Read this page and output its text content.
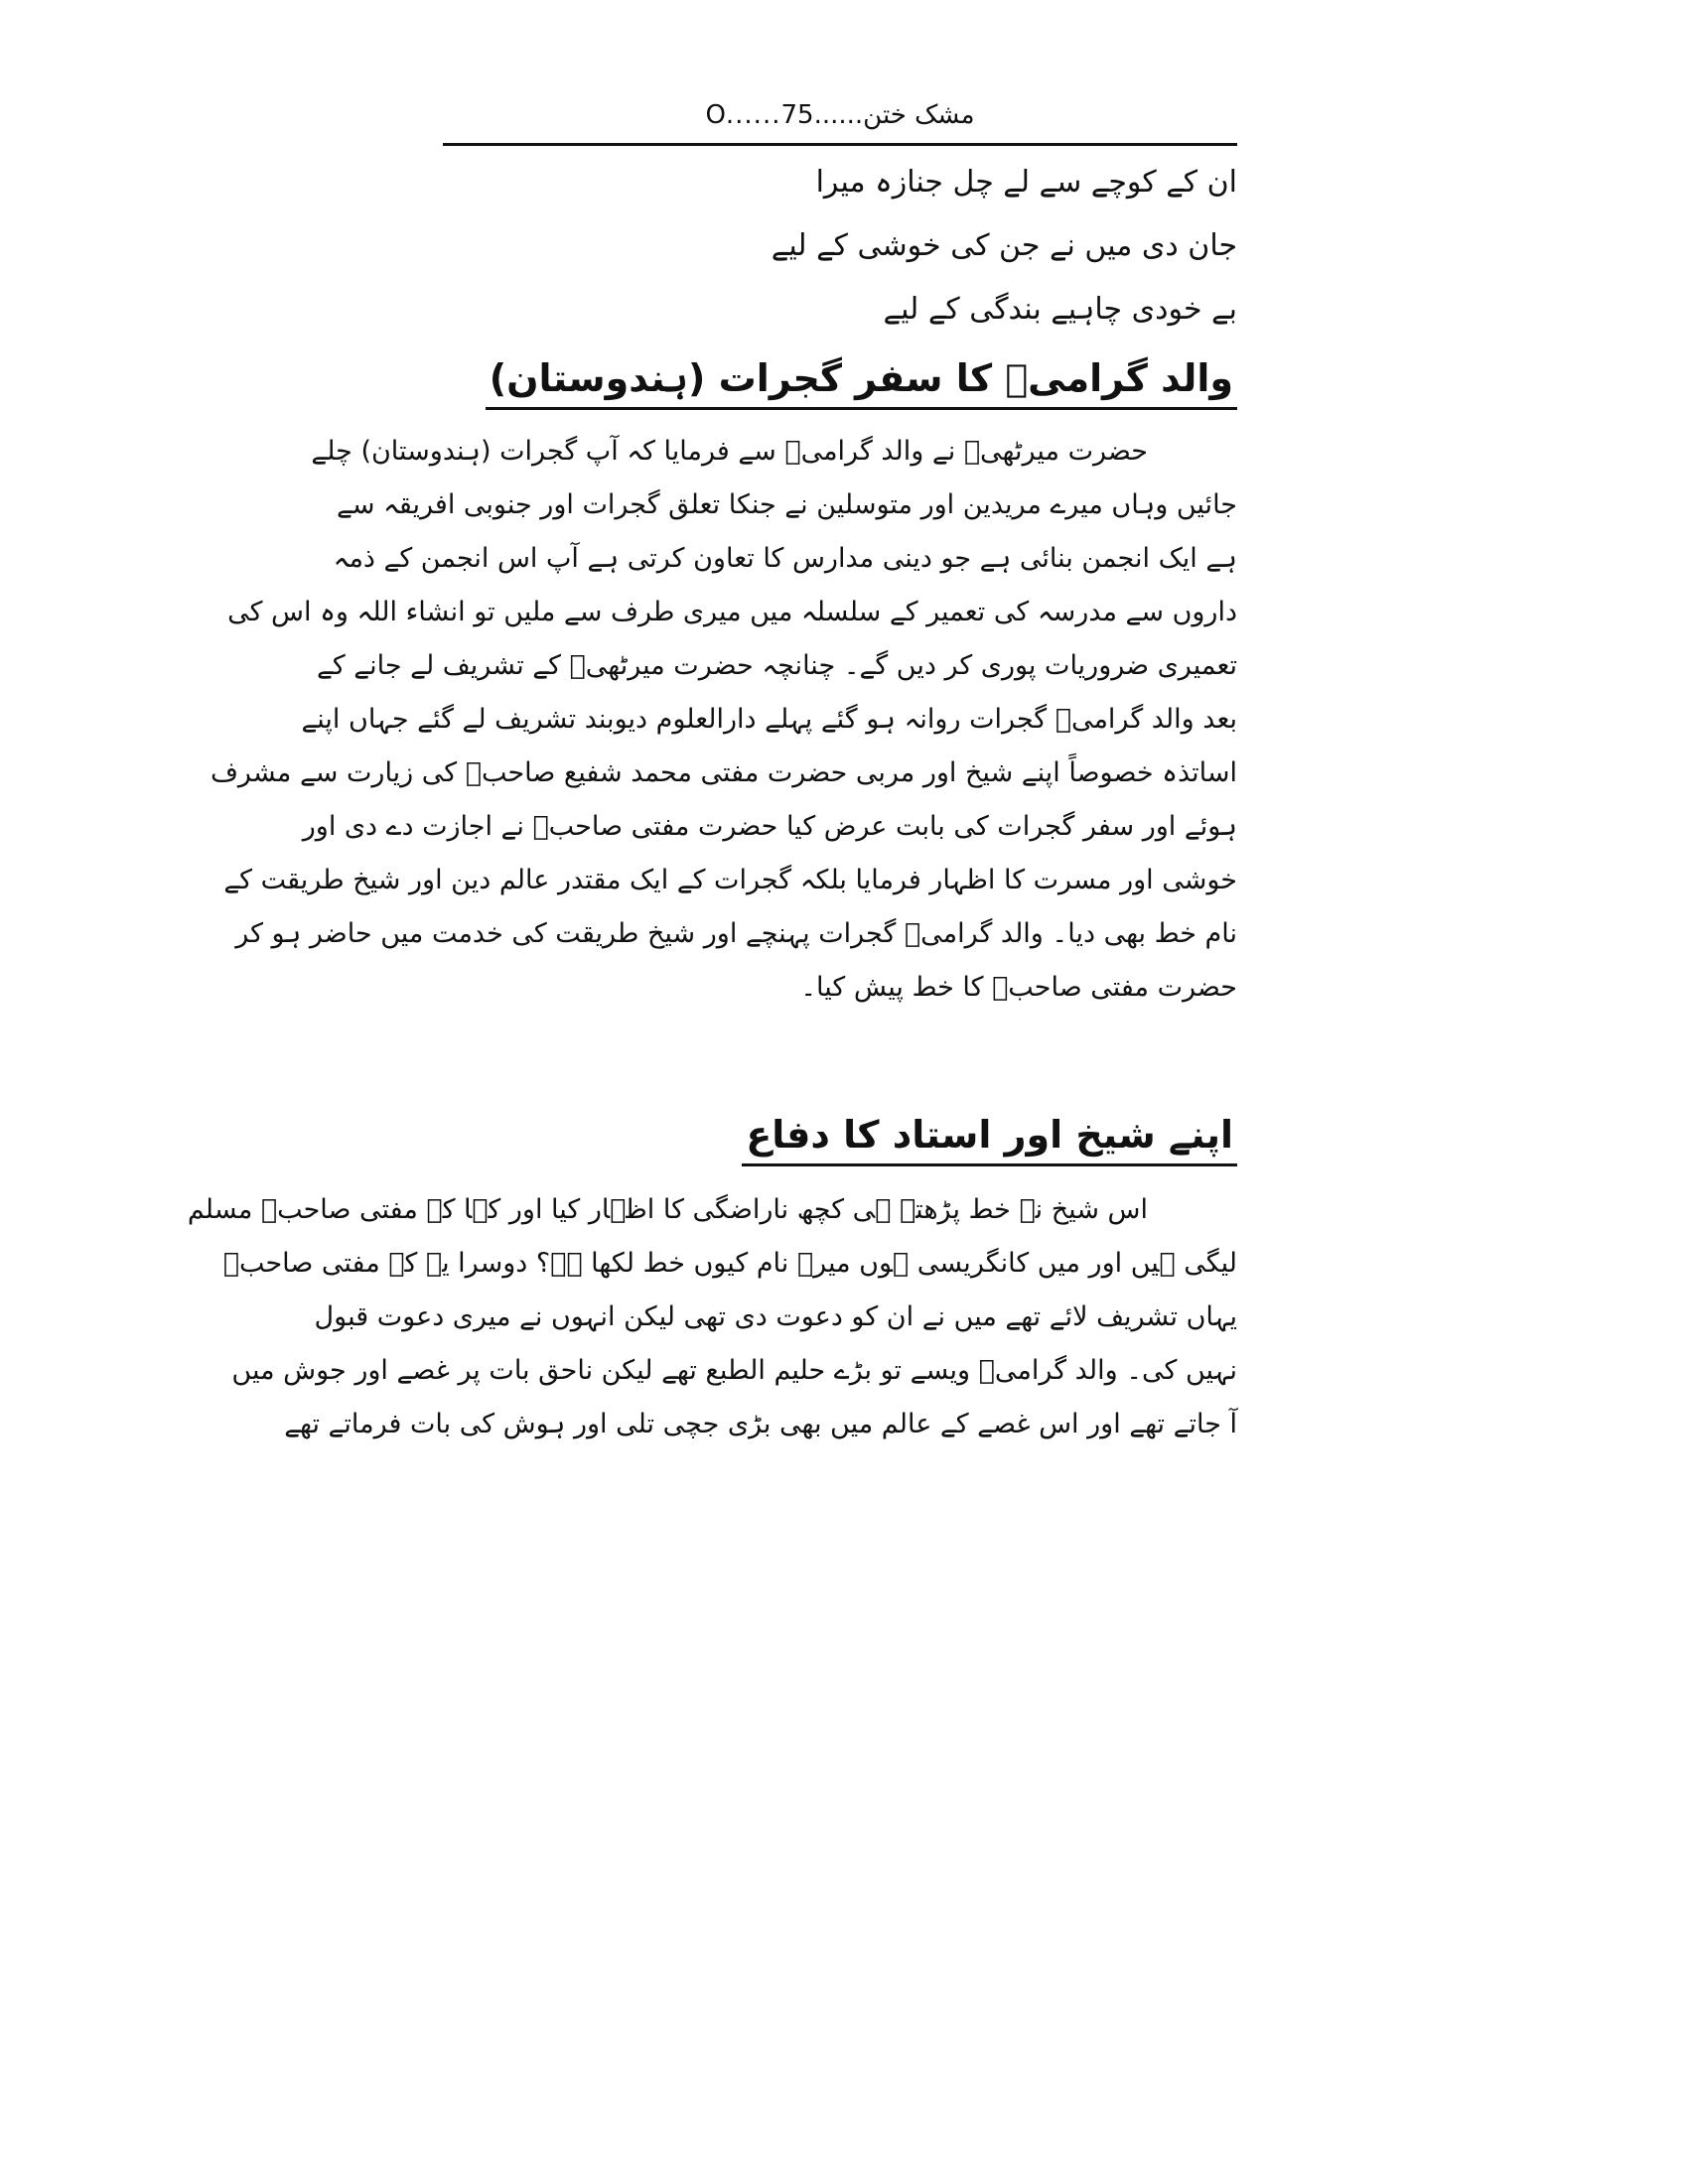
مشک ختن......O......75
ان کے کوچے سے لے چل جنازہ میرا
جان دی میں نے جن کی خوشی کے لیے
بے خودی چاہیے بندگی کے لیے
والد گرامیؒ کا سفر گجرات (ہندوستان)
حضرت میرٹھیؒ نے والد گرامیؒ سے فرمایا کہ آپ گجرات (ہندوستان) چلے
جائیں وہاں میرے مریدین اور متوسلین نے جنکا تعلق گجرات اور جنوبی افریقہ سے
ہے ایک انجمن بنائی ہے جو دینی مدارس کا تعاون کرتی ہے آپ اس انجمن کے ذمہ
داروں سے مدرسہ کی تعمیر کے سلسلہ میں میری طرف سے ملیں تو انشاء اللہ وہ اس کی
تعمیری ضروریات پوری کر دیں گے۔ چنانچہ حضرت میرٹھیؒ کے تشریف لے جانے کے
بعد والد گرامیؒ گجرات روانہ ہو گئے پہلے دارالعلوم دیوبند تشریف لے گئے جہاں اپنے
اساتذہ خصوصاً اپنے شیخ اور مربی حضرت مفتی محمد شفیع صاحبؒ کی زیارت سے مشرف
ہوئے اور سفر گجرات کی بابت عرض کیا حضرت مفتی صاحبؒ نے اجازت دے دی اور
خوشی اور مسرت کا اظہار فرمایا بلکہ گجرات کے ایک مقتدر عالم دین اور شیخ طریقت کے
نام خط بھی دیا۔ والد گرامیؒ گجرات پہنچے اور شیخ طریقت کی خدمت میں حاضر ہو کر
حضرت مفتی صاحبؒ کا خط پیش کیا۔
اپنے شیخ اور استاد کا دفاع
اس شیخ نے خط پڑھتے ہی کچھ ناراضگی کا اظہار کیا اور کہا کہ مفتی صاحبؒ مسلم
لیگی ہیں اور میں کانگریسی ہوں میرے نام کیوں خط لکھا ہے؟ دوسرا یہ کہ مفتی صاحبؒ
یہاں تشریف لائے تھے میں نے ان کو دعوت دی تھی لیکن انہوں نے میری دعوت قبول
نہیں کی۔ والد گرامیؒ ویسے تو بڑے حلیم الطبع تھے لیکن ناحق بات پر غصے اور جوش میں
آ جاتے تھے اور اس غصے کے عالم میں بھی بڑی جچی تلی اور ہوش کی بات فرماتے تھے
